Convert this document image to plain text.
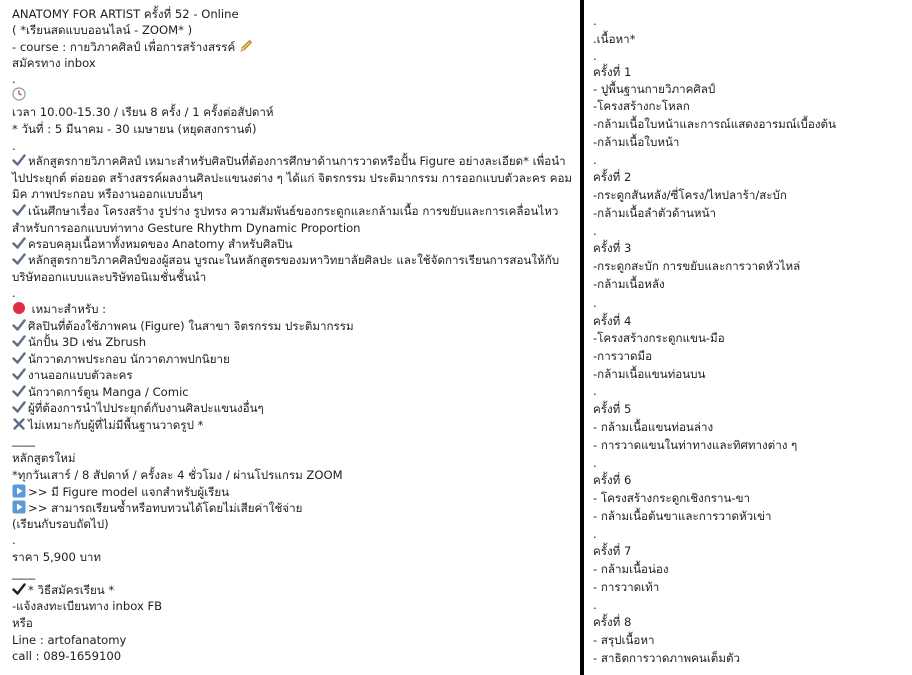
ANATOMY FOR ARTIST ครั้งที่ 52 - Online
( *เรียนสดแบบออนไลน์ - ZOOM* )
- course : กายวิภาคศิลป์ เพื่อการสร้างสรรค์
สมัครทาง inbox
.
เวลา 10.00-15.30 / เรียน 8 ครั้ง / 1 ครั้งต่อสัปดาห์
* วันที่ : 5 มีนาคม - 30 เมษายน (หยุดสงกรานต์)
.
หลักสูตรกายวิภาคศิลป์ เหมาะสำหรับศิลปินที่ต้องการศึกษาด้านการวาดหรือปั้น Figure อย่างละเอียด* เพื่อนำไปประยุกต์ ต่อยอด สร้างสรรค์ผลงานศิลปะแขนงต่าง ๆ ได้แก่ จิตรกรรม ประติมากรรม การออกแบบตัวละคร คอมมิค ภาพประกอบ หรืองานออกแบบอื่นๆ
เน้นศึกษาเรื่อง โครงสร้าง รูปร่าง รูปทรง ความสัมพันธ์ของกระดูกและกล้ามเนื้อ การขยับและการเคลื่อนไหว สำหรับการออกแบบท่าทาง Gesture Rhythm Dynamic Proportion
ครอบคลุมเนื้อหาทั้งหมดของ Anatomy สำหรับศิลปิน
หลักสูตรกายวิภาคศิลป์ของผู้สอน บูรณะในหลักสูตรของมหาวิทยาลัยศิลปะ และใช้จัดการเรียนการสอนให้กับบริษัทออกแบบและบริษัทอนิเมชั่นชั้นนำ
.
เหมาะสำหรับ :
ศิลปินที่ต้องใช้ภาพคน (Figure) ในสาขา จิตรกรรม ประติมากรรม
นักปั้น 3D เช่น Zbrush
นักวาดภาพประกอบ นักวาดภาพปกนิยาย
งานออกแบบตัวละคร
นักวาดการ์ตูน Manga / Comic
ผู้ที่ต้องการนำไปประยุกต์กับงานศิลปะแขนงอื่นๆ
ไม่เหมาะกับผู้ที่ไม่มีพื้นฐานวาดรูป *
____
หลักสูตรใหม่
*ทุกวันเสาร์ / 8 สัปดาห์ / ครั้งละ 4 ชั่วโมง / ผ่านโปรแกรม ZOOM
>> มี Figure model แจกสำหรับผู้เรียน
>> สามารถเรียนซ้ำหรือทบทวนได้โดยไม่เสียค่าใช้จ่าย
(เรียนกับรอบถัดไป)
.
ราคา 5,900 บาท
____
* วิธีสมัครเรียน *
-แจ้งลงทะเบียนทาง inbox FB
หรือ
Line : artofanatomy
call : 089-1659100
.
.เนื้อหา*
.
ครั้งที่ 1
- ปูพื้นฐานกายวิภาคศิลป์
-โครงสร้างกะโหลก
-กล้ามเนื้อใบหน้าและการณ์แสดงอารมณ์เบื้องต้น
-กล้ามเนื้อใบหน้า
.
ครั้งที่ 2
-กระดูกสันหลัง/ซี่โครง/ไหปลาร้า/สะบัก
-กล้ามเนื้อลำตัวด้านหน้า
.
ครั้งที่ 3
-กระดูกสะบัก การขยับและการวาดหัวไหล่
-กล้ามเนื้อหลัง
.
ครั้งที่ 4
-โครงสร้างกระดูกแขน-มือ
-การวาดมือ
-กล้ามเนื้อแขนท่อนบน
.
ครั้งที่ 5
- กล้ามเนื้อแขนท่อนล่าง
- การวาดแขนในท่าทางและทิศทางต่าง ๆ
.
ครั้งที่ 6
- โครงสร้างกระดูกเชิงกราน-ขา
- กล้ามเนื้อต้นขาและการวาดหัวเข่า
.
ครั้งที่ 7
- กล้ามเนื้อน่อง
- การวาดเท้า
.
ครั้งที่ 8
- สรุปเนื้อหา
- สาธิตการวาดภาพคนเต็มตัว
